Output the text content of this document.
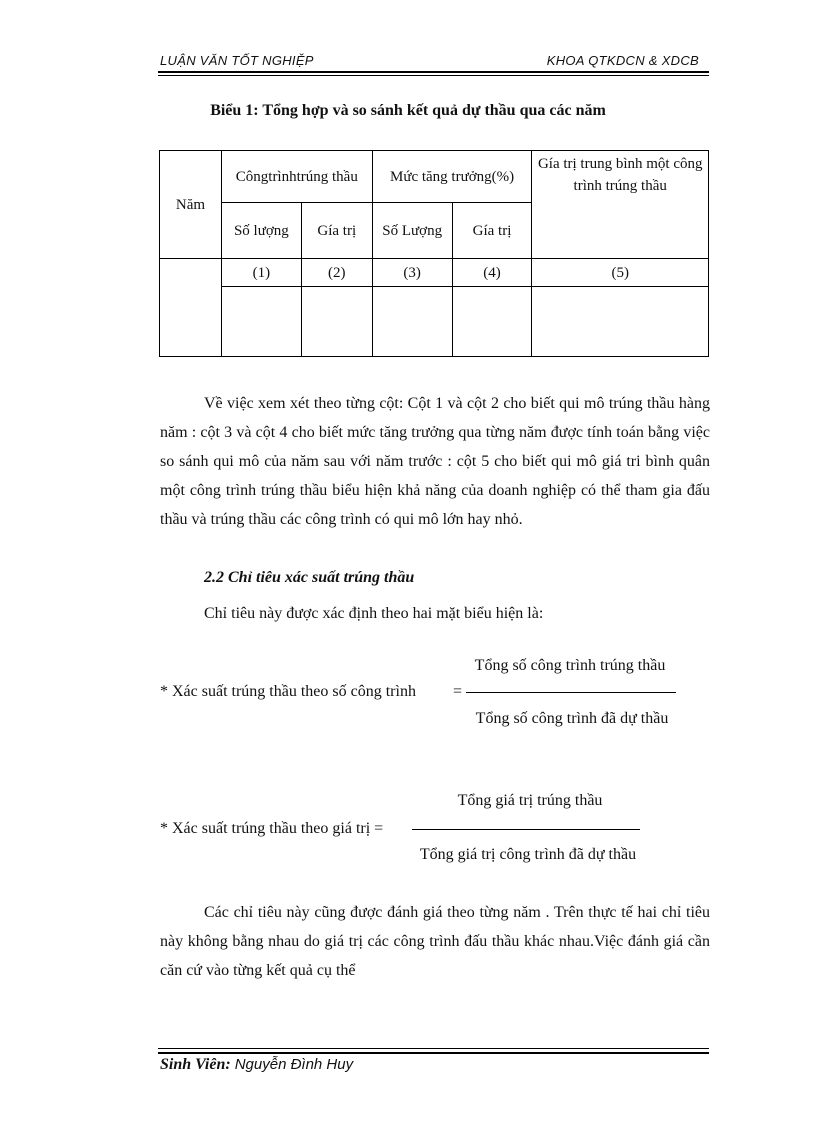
LUẬN VĂN TỐT NGHIỆP	KHOA QTKDCN & XDCB
Biểu 1: Tổng hợp và so sánh kết quả dự thầu qua các năm
Năm	Côngtrìnhtrúng thầu		Mức tăng trưởng(%)		Gía trị trung bình một công trình trúng thầu
	Số lượng	Gía trị	Số Lượng	Gía trị	
	(1)	(2)	(3)	(4)	(5)

Về việc xem xét theo từng cột: Cột 1 và cột 2 cho biết qui mô trúng thầu hàng năm : cột 3 và cột 4 cho biết mức tăng trưởng qua từng năm được tính toán bằng việc so sánh qui mô của năm sau với năm trước : cột 5 cho biết qui mô giá tri bình quân một công trình trúng thầu biểu hiện khả năng của doanh nghiệp có thể tham gia đấu thầu và trúng thầu các công trình có qui mô lớn hay nhỏ.
2.2 Chỉ tiêu xác suất trúng thầu
Chỉ tiêu này được xác định theo hai mặt biểu hiện là:
Tổng số công trình trúng thầu
* Xác suất trúng thầu theo số công trình =
Tổng số công trình đã dự thầu
Tổng giá trị trúng thầu
* Xác suất trúng thầu theo giá trị =
Tổng giá trị công trình đã dự thầu
Các chỉ tiêu này cũng được đánh giá theo từng năm . Trên thực tế hai chỉ tiêu này không bằng nhau do giá trị các công trình đấu thầu khác nhau.Việc đánh giá cần căn cứ vào từng kết quả cụ thể
Sinh Viên: Nguyễn Đình Huy
